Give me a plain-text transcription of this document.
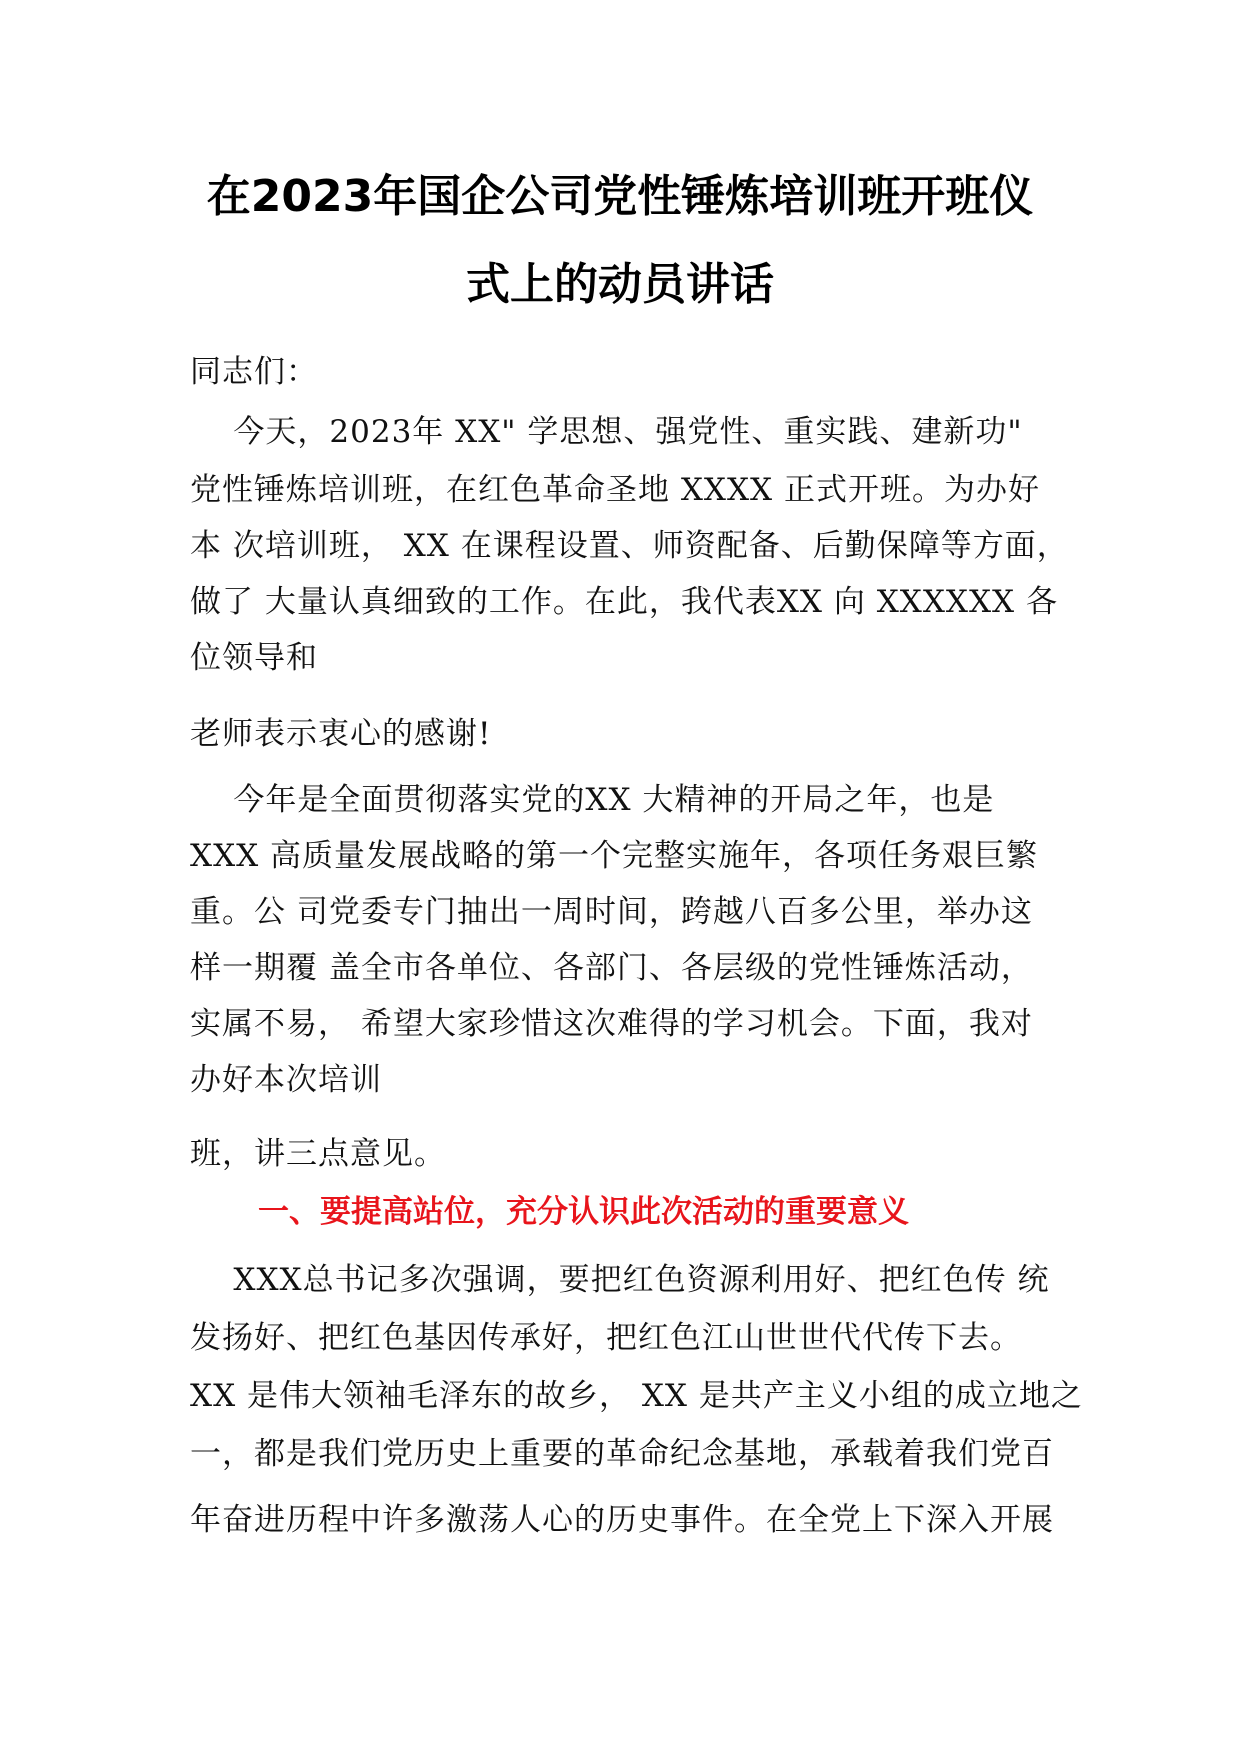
在2023年国企公司党性锤炼培训班开班仪
式上的动员讲话
同志们：
今天，2023年 XX" 学思想、强党性、重实践、建新功"
党性锤炼培训班，在红色革命圣地 XXXX 正式开班。为办好
本 次培训班， XX 在课程设置、师资配备、后勤保障等方面，
做了 大量认真细致的工作。在此，我代表XX 向 XXXXXX 各
位领导和
老师表示衷心的感谢!
今年是全面贯彻落实党的XX 大精神的开局之年，也是
XXX 高质量发展战略的第一个完整实施年，各项任务艰巨繁
重。公 司党委专门抽出一周时间，跨越八百多公里，举办这
样一期覆 盖全市各单位、各部门、各层级的党性锤炼活动，
实属不易， 希望大家珍惜这次难得的学习机会。下面，我对
办好本次培训
班，讲三点意见。
一、要提高站位，充分认识此次活动的重要意义
XXX总书记多次强调，要把红色资源利用好、把红色传 统
发扬好、把红色基因传承好，把红色江山世世代代传下去。
XX 是伟大领袖毛泽东的故乡， XX 是共产主义小组的成立地之
一，都是我们党历史上重要的革命纪念基地，承载着我们党百
年奋进历程中许多激荡人心的历史事件。在全党上下深入开展
